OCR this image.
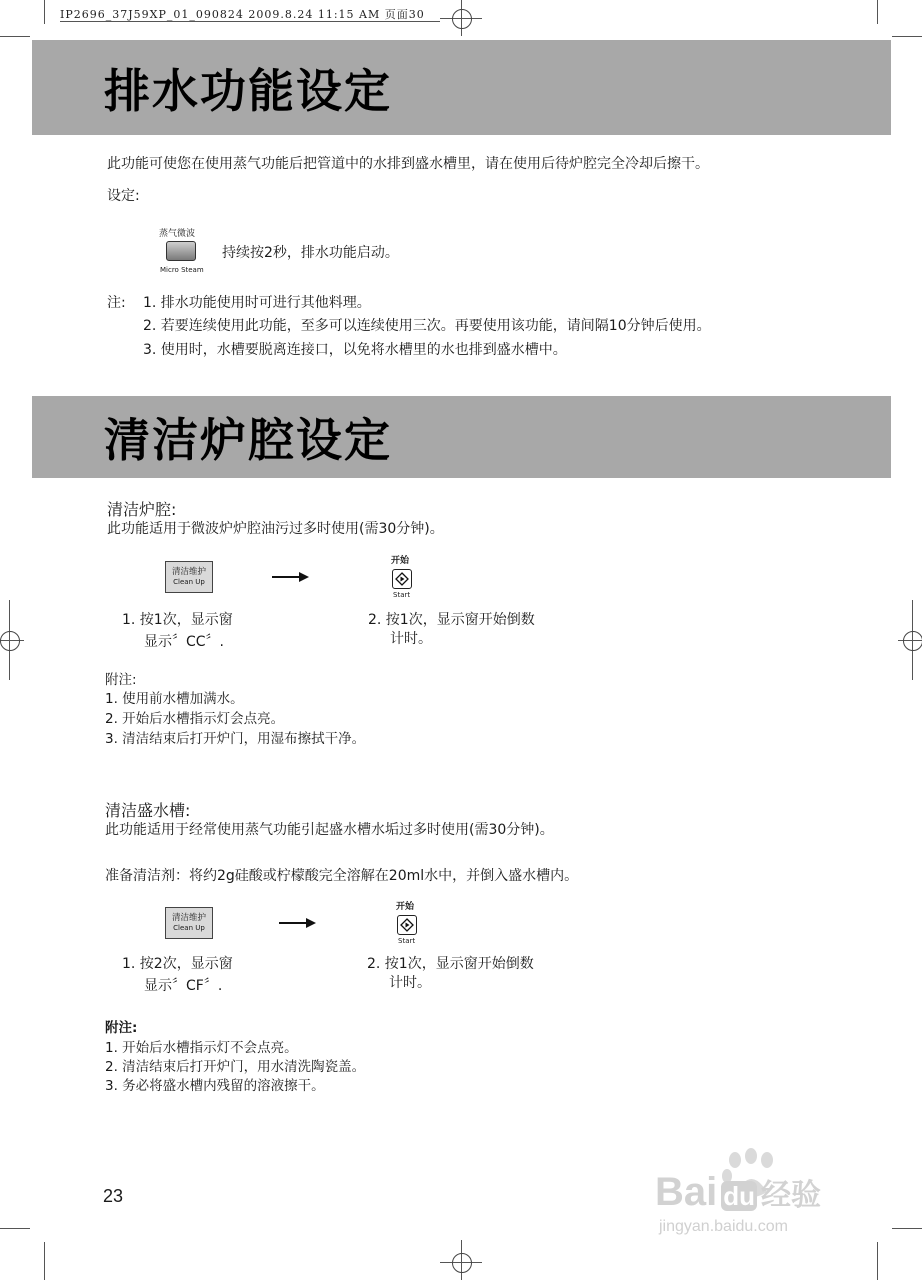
IP2696_37J59XP_01_090824 2009.8.24 11:15 AM 页面30
排水功能设定
此功能可使您在使用蒸气功能后把管道中的水排到盛水槽里，请在使用后待炉腔完全冷却后擦干。
设定:
蒸气微波
Micro Steam
持续按2秒，排水功能启动。
注: 1. 排水功能使用时可进行其他料理。
2. 若要连续使用此功能，至多可以连续使用三次。再要使用该功能，请间隔10分钟后使用。
3. 使用时，水槽要脱离连接口，以免将水槽里的水也排到盛水槽中。
清洁炉腔设定
清洁炉腔:
此功能适用于微波炉炉腔油污过多时使用(需30分钟)。
清洁维护
Clean Up
开始
Start
1. 按1次，显示窗
显示〞CC〞.
2. 按1次，显示窗开始倒数
计时。
附注:
1. 使用前水槽加满水。
2. 开始后水槽指示灯会点亮。
3. 清洁结束后打开炉门，用湿布擦拭干净。
清洁盛水槽:
此功能适用于经常使用蒸气功能引起盛水槽水垢过多时使用(需30分钟)。
准备清洁剂：将约2g硅酸或柠檬酸完全溶解在20ml水中，并倒入盛水槽内。
清洁维护
Clean Up
开始
Start
1. 按2次，显示窗
显示〞CF〞.
2. 按1次，显示窗开始倒数
计时。
附注:
1. 开始后水槽指示灯不会点亮。
2. 清洁结束后打开炉门，用水清洗陶瓷盖。
3. 务必将盛水槽内残留的溶液擦干。
23	Bai du 经验
jingyan.baidu.com
